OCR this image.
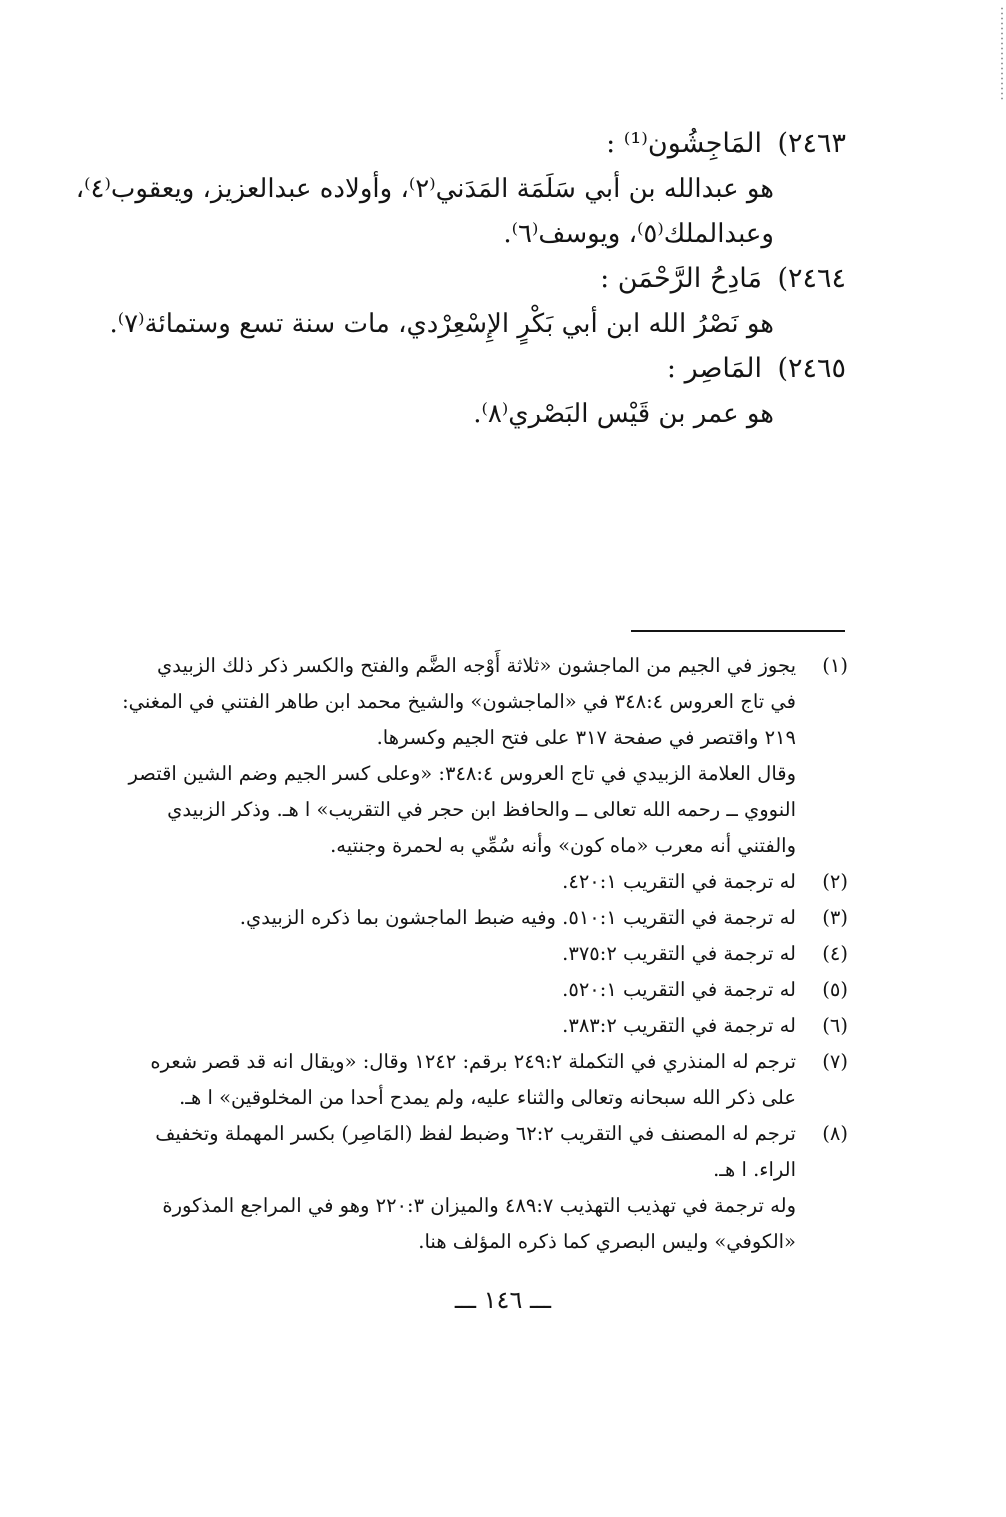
٢٤٦٣)المَاجِشُون⁽¹⁾ :
هو عبدالله بن أبي سَلَمَة المَدَني⁽٢⁾، وأولاده عبدالعزيز، ويعقوب⁽٤⁾،
وعبدالملك⁽٥⁾، ويوسف⁽٦⁾.
٢٤٦٤)مَادِحُ الرَّحْمَن :
هو نَصْرُ الله ابن أبي بَكْرٍ الإِسْعِرْدي، مات سنة تسع وستمائة⁽٧⁾.
٢٤٦٥)المَاصِر :
هو عمر بن قَيْس البَصْري⁽٨⁾.
(١)
يجوز في الجيم من الماجشون «ثلاثة أَوْجه الضَّم والفتح والكسر ذكر ذلك الزبيدي
في تاج العروس ٣٤٨:٤ في «الماجشون» والشيخ محمد ابن طاهر الفتني في المغني:
٢١٩ واقتصر في صفحة ٣١٧ على فتح الجيم وكسرها.
وقال العلامة الزبيدي في تاج العروس ٣٤٨:٤: «وعلى كسر الجيم وضم الشين اقتصر
النووي ــ رحمه الله تعالى ــ والحافظ ابن حجر في التقريب» ا هـ. وذكر الزبيدي
والفتني أنه معرب «ماه كون» وأنه سُمِّي به لحمرة وجنتيه.
(٢)
له ترجمة في التقريب ٤٢٠:١.
(٣)
له ترجمة في التقريب ٥١٠:١. وفيه ضبط الماجشون بما ذكره الزبيدي.
(٤)
له ترجمة في التقريب ٣٧٥:٢.
(٥)
له ترجمة في التقريب ٥٢٠:١.
(٦)
له ترجمة في التقريب ٣٨٣:٢.
(٧)
ترجم له المنذري في التكملة ٢٤٩:٢ برقم: ١٢٤٢ وقال: «ويقال انه قد قصر شعره
على ذكر الله سبحانه وتعالى والثناء عليه، ولم يمدح أحدا من المخلوقين» ا هـ.
(٨)
ترجم له المصنف في التقريب ٦٢:٢ وضبط لفظ (المَاصِر) بكسر المهملة وتخفيف
الراء. ا هـ.
وله ترجمة في تهذيب التهذيب ٤٨٩:٧ والميزان ٢٢٠:٣ وهو في المراجع المذكورة
«الكوفي» وليس البصري كما ذكره المؤلف هنا.
ـــ ١٤٦ ـــ
